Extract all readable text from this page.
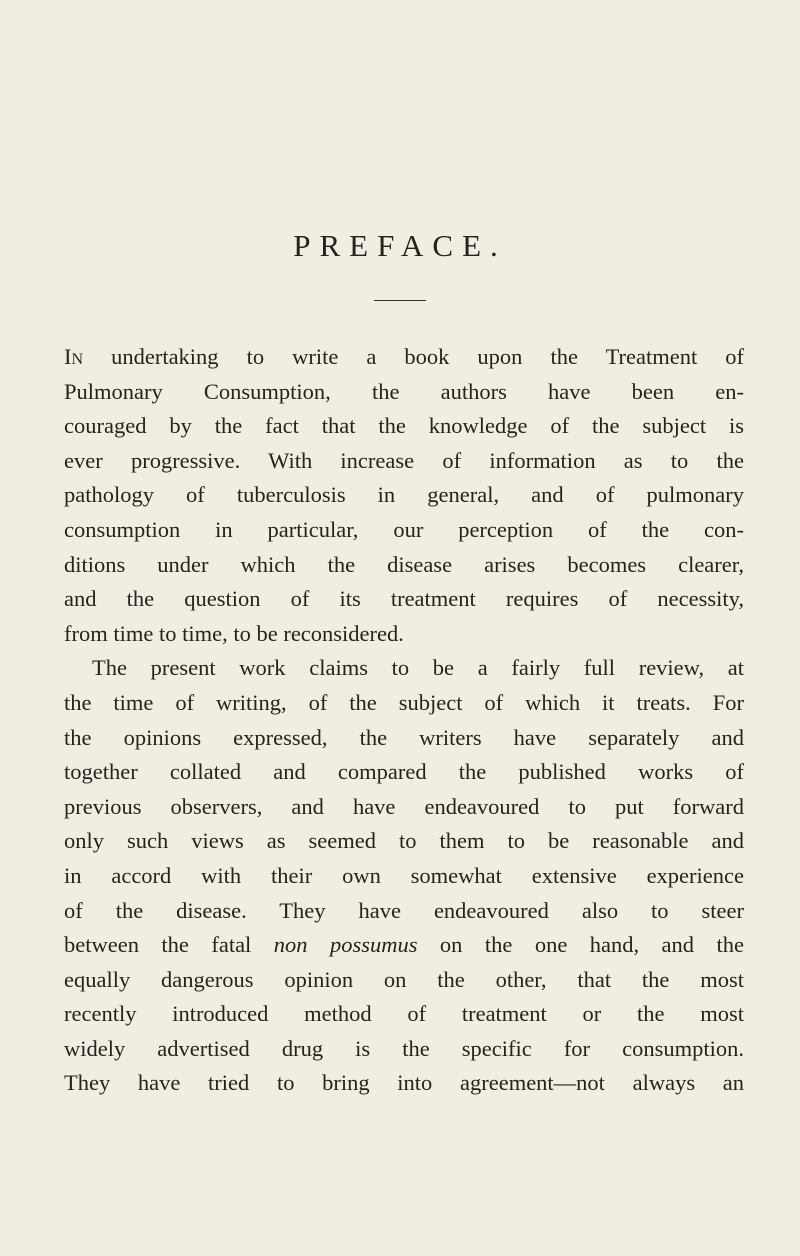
PREFACE.
In undertaking to write a book upon the Treatment of
Pulmonary Consumption, the authors have been en-
couraged by the fact that the knowledge of the subject is
ever progressive. With increase of information as to the
pathology of tuberculosis in general, and of pulmonary
consumption in particular, our perception of the con-
ditions under which the disease arises becomes clearer,
and the question of its treatment requires of necessity,
from time to time, to be reconsidered.
The present work claims to be a fairly full review, at
the time of writing, of the subject of which it treats. For
the opinions expressed, the writers have separately and
together collated and compared the published works of
previous observers, and have endeavoured to put forward
only such views as seemed to them to be reasonable and
in accord with their own somewhat extensive experience
of the disease. They have endeavoured also to steer
between the fatal non possumus on the one hand, and the
equally dangerous opinion on the other, that the most
recently introduced method of treatment or the most
widely advertised drug is the specific for consumption.
They have tried to bring into agreement—not always an
